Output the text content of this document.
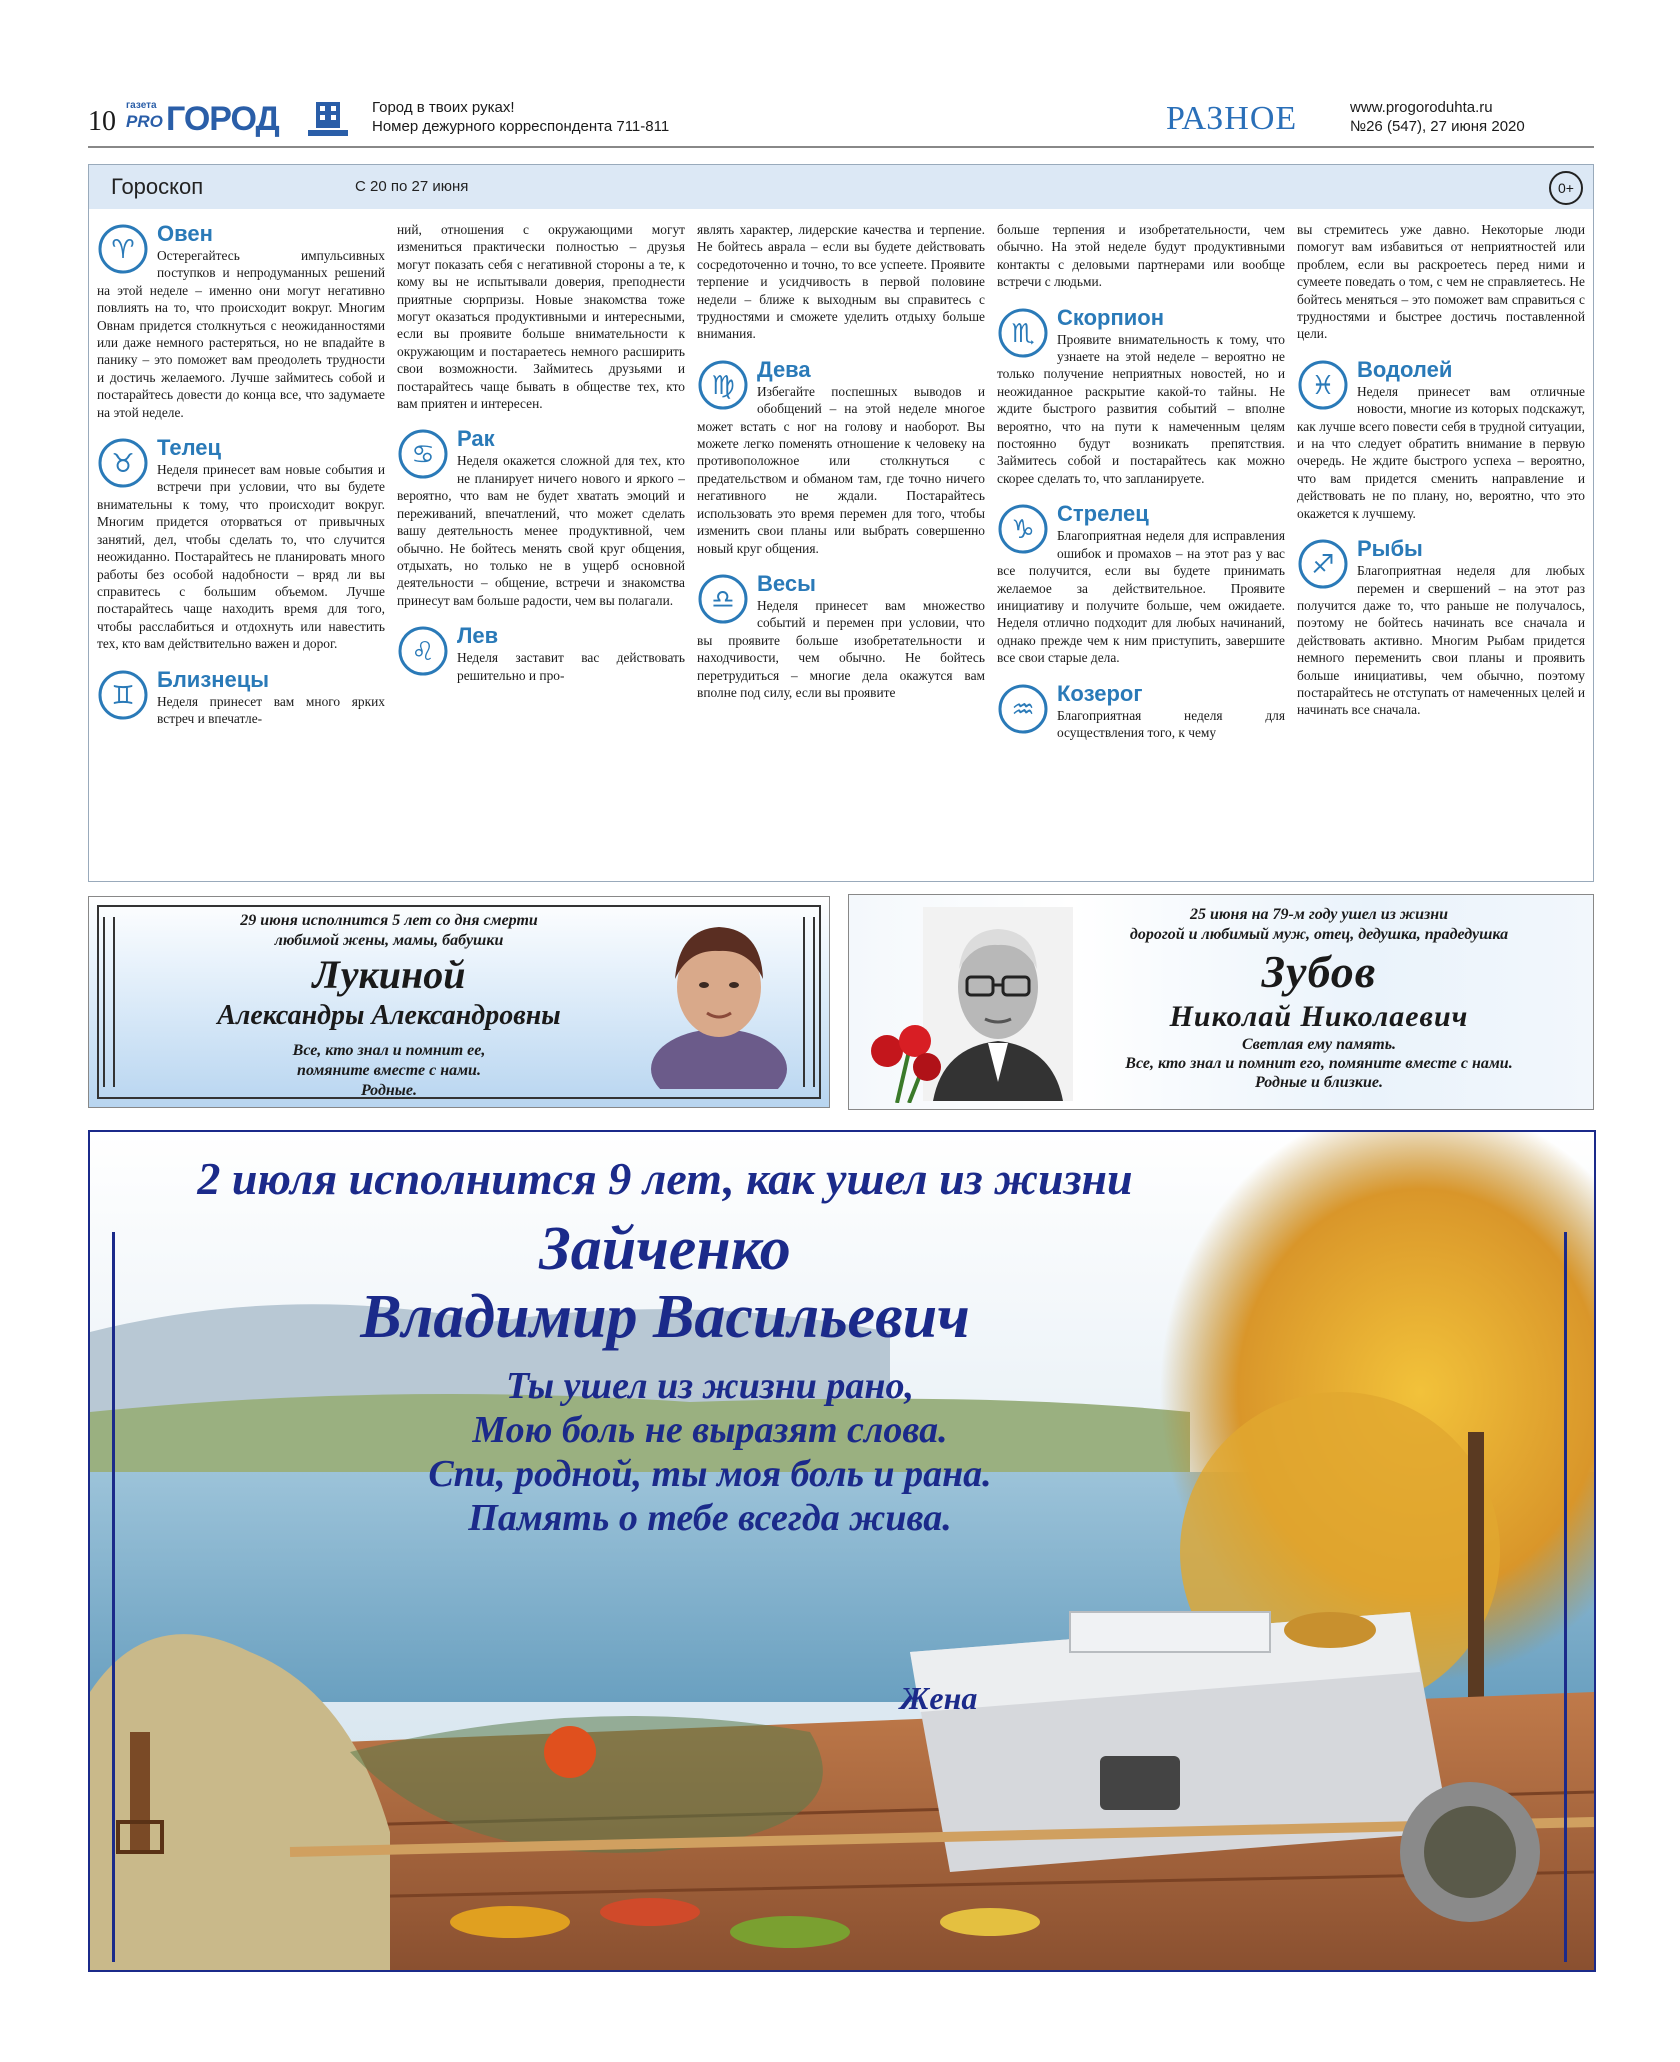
10
газета
PRO ГОРОД	Город в твоих руках!
Номер дежурного корреспондента 711-811	РАЗНОЕ	www.progoroduhta.ru
№26 (547), 27 июня 2020
Гороскоп	С 20 по 27 июня	0+
♈
Овен
Остерегайтесь импульсивных поступков и непродуманных решений на этой неделе – именно они могут негативно повлиять на то, что происходит вокруг. Многим Овнам придется столкнуться с неожиданностями или даже немного растеряться, но не впадайте в панику – это поможет вам преодолеть трудности и достичь желаемого. Лучше займитесь собой и постарайтесь довести до конца все, что задумаете на этой неделе.
♉
Телец
Неделя принесет вам новые события и встречи при условии, что вы будете внимательны к тому, что происходит вокруг. Многим придется оторваться от привычных занятий, дел, чтобы сделать то, что случится неожиданно. Постарайтесь не планировать много работы без особой надобности – вряд ли вы справитесь с большим объемом. Лучше постарайтесь чаще находить время для того, чтобы расслабиться и отдохнуть или навестить тех, кто вам действительно важен и дорог.
♊
Близнецы
Неделя принесет вам много ярких встреч и впечатле-
ний, отношения с окружающими могут измениться практически полностью – друзья могут показать себя с негативной стороны а те, к кому вы не испытывали доверия, преподнести приятные сюрпризы. Новые знакомства тоже могут оказаться продуктивными и интересными, если вы проявите больше внимательности к окружающим и постараетесь немного расширить свои возможности. Займитесь друзьями и постарайтесь чаще бывать в обществе тех, кто вам приятен и интересен.
♋
Рак
Неделя окажется сложной для тех, кто не планирует ничего нового и яркого – вероятно, что вам не будет хватать эмоций и переживаний, впечатлений, что может сделать вашу деятельность менее продуктивной, чем обычно. Не бойтесь менять свой круг общения, отдыхать, но только не в ущерб основной деятельности – общение, встречи и знакомства принесут вам больше радости, чем вы полагали.
♌
Лев
Неделя заставит вас действовать решительно и про-
являть характер, лидерские качества и терпение. Не бойтесь аврала – если вы будете действовать сосредоточенно и точно, то все успеете. Проявите терпение и усидчивость в первой половине недели – ближе к выходным вы справитесь с трудностями и сможете уделить отдыху больше внимания.
♍
Дева
Избегайте поспешных выводов и обобщений – на этой неделе многое может встать с ног на голову и наоборот. Вы можете легко поменять отношение к человеку на противоположное или столкнуться с предательством и обманом там, где точно ничего негативного не ждали. Постарайтесь использовать это время перемен для того, чтобы изменить свои планы или выбрать совершенно новый круг общения.
♎
Весы
Неделя принесет вам множество событий и перемен при условии, что вы проявите больше изобретательности и находчивости, чем обычно. Не бойтесь перетрудиться – многие дела окажутся вам вполне под силу, если вы проявите
больше терпения и изобретательности, чем обычно. На этой неделе будут продуктивными контакты с деловыми партнерами или вообще встречи с людьми.
♏
Скорпион
Проявите внимательность к тому, что узнаете на этой неделе – вероятно не только получение неприятных новостей, но и неожиданное раскрытие какой-то тайны. Не ждите быстрого развития событий – вполне вероятно, что на пути к намеченным целям постоянно будут возникать препятствия. Займитесь собой и постарайтесь как можно скорее сделать то, что запланируете.
♑
Стрелец
Благоприятная неделя для исправления ошибок и промахов – на этот раз у вас все получится, если вы будете принимать желаемое за действительное. Проявите инициативу и получите больше, чем ожидаете. Неделя отлично подходит для любых начинаний, однако прежде чем к ним приступить, завершите все свои старые дела.
♒
Козерог
Благоприятная неделя для осуществления того, к чему
вы стремитесь уже давно. Некоторые люди помогут вам избавиться от неприятностей или проблем, если вы раскроетесь перед ними и сумеете поведать о том, с чем не справляетесь. Не бойтесь меняться – это поможет вам справиться с трудностями и быстрее достичь поставленной цели.
♓
Водолей
Неделя принесет вам отличные новости, многие из которых подскажут, как лучше всего повести себя в трудной ситуации, и на что следует обратить внимание в первую очередь. Не ждите быстрого успеха – вероятно, что вам придется сменить направление и действовать не по плану, но, вероятно, что это окажется к лучшему.
♐
Рыбы
Благоприятная неделя для любых перемен и свершений – на этот раз получится даже то, что раньше не получалось, поэтому не бойтесь начинать все сначала и действовать активно. Многим Рыбам придется немного переменить свои планы и проявить больше инициативы, чем обычно, поэтому постарайтесь не отступать от намеченных целей и начинать все сначала.
29 июня исполнится 5 лет со дня смерти
любимой жены, мамы, бабушки
Лукиной
Александры Александровны
Все, кто знал и помнит ее,
помяните вместе с нами.
Родные.
25 июня на 79-м году ушел из жизни
дорогой и любимый муж, отец, дедушка, прадедушка
Зубов
Николай Николаевич
Светлая ему память.
Все, кто знал и помнит его, помяните вместе с нами.
Родные и близкие.
2 июля исполнится 9 лет, как ушел из жизни
Зайченко
Владимир Васильевич
Ты ушел из жизни рано,
Мою боль не выразят слова.
Спи, родной, ты моя боль и рана.
Память о тебе всегда жива.
Жена
